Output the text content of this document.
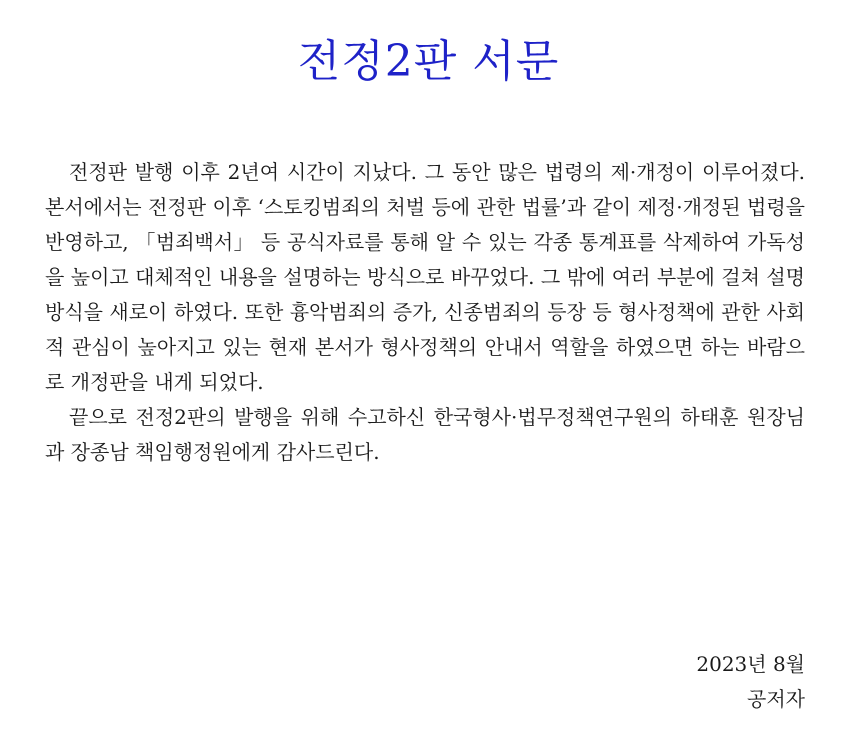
전정2판 서문

전정판 발행 이후 2년여 시간이 지났다. 그 동안 많은 법령의 제·개정이 이루어졌다. 본서에서는 전정판 이후 ‘스토킹범죄의 처벌 등에 관한 법률’과 같이 제정·개정된 법령을 반영하고, 「범죄백서」 등 공식자료를 통해 알 수 있는 각종 통계표를 삭제하여 가독성을 높이고 대체적인 내용을 설명하는 방식으로 바꾸었다. 그 밖에 여러 부분에 걸쳐 설명방식을 새로이 하였다. 또한 흉악범죄의 증가, 신종범죄의 등장 등 형사정책에 관한 사회적 관심이 높아지고 있는 현재 본서가 형사정책의 안내서 역할을 하였으면 하는 바람으로 개정판을 내게 되었다.

끝으로 전정2판의 발행을 위해 수고하신 한국형사·법무정책연구원의 하태훈 원장님과 장종남 책임행정원에게 감사드린다.

2023년 8월
공저자
